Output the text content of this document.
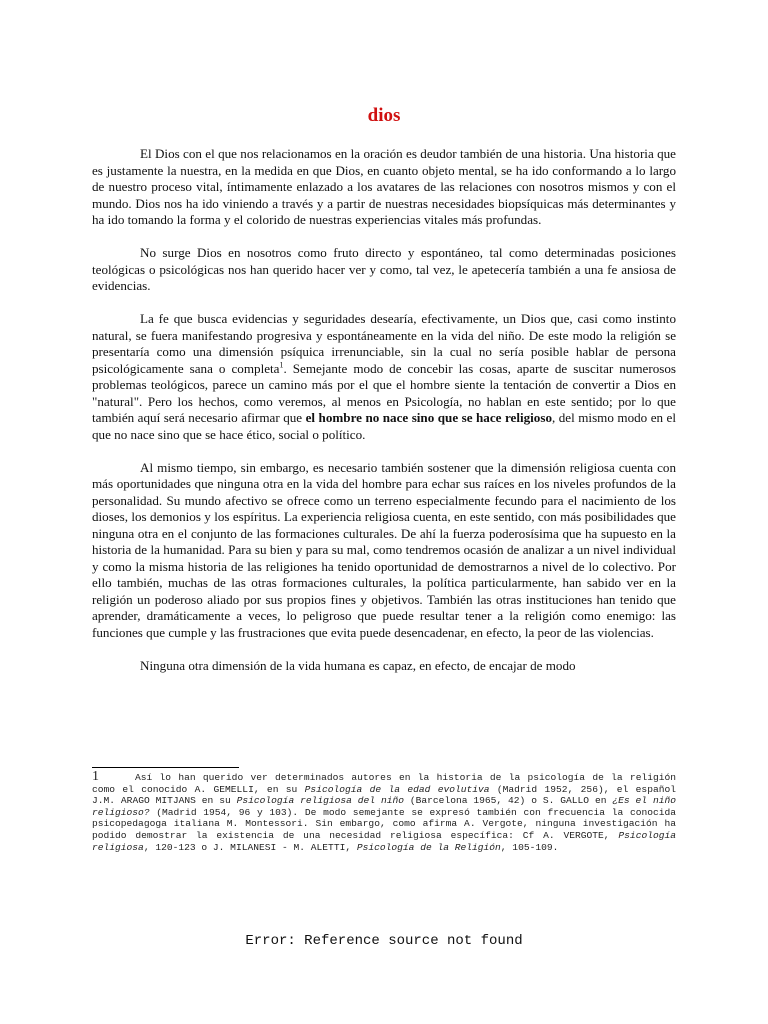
dios

El Dios con el que nos relacionamos en la oración es deudor también de una historia. Una historia que es justamente la nuestra, en la medida en que Dios, en cuanto objeto mental, se ha ido conformando a lo largo de nuestro proceso vital, íntimamente enlazado a los avatares de las relaciones con nosotros mismos y con el mundo. Dios nos ha ido viniendo a través y a partir de nuestras necesidades biopsíquicas más determinantes y ha ido tomando la forma y el colorido de nuestras experiencias vitales más profundas.

No surge Dios en nosotros como fruto directo y espontáneo, tal como determinadas posiciones teológicas o psicológicas nos han querido hacer ver y como, tal vez, le apetecería también a una fe ansiosa de evidencias.

La fe que busca evidencias y seguridades desearía, efectivamente, un Dios que, casi como instinto natural, se fuera manifestando progresiva y espontáneamente en la vida del niño. De este modo la religión se presentaría como una dimensión psíquica irrenunciable, sin la cual no sería posible hablar de persona psicológicamente sana o completa$^1$. Semejante modo de concebir las cosas, aparte de suscitar numerosos problemas teológicos, parece un camino más por el que el hombre siente la tentación de convertir a Dios en "natural". Pero los hechos, como veremos, al menos en Psicología, no hablan en este sentido; por lo que también aquí será necesario afirmar que el hombre no nace sino que se hace religioso, del mismo modo en el que no nace sino que se hace ético, social o político.

Al mismo tiempo, sin embargo, es necesario también sostener que la dimensión religiosa cuenta con más oportunidades que ninguna otra en la vida del hombre para echar sus raíces en los niveles profundos de la personalidad. Su mundo afectivo se ofrece como un terreno especialmente fecundo para el nacimiento de los dioses, los demonios y los espíritus. La experiencia religiosa cuenta, en este sentido, con más posibilidades que ninguna otra en el conjunto de las formaciones culturales. De ahí la fuerza poderosísima que ha supuesto en la historia de la humanidad. Para su bien y para su mal, como tendremos ocasión de analizar a un nivel individual y como la misma historia de las religiones ha tenido oportunidad de demostrarnos a nivel de lo colectivo. Por ello también, muchas de las otras formaciones culturales, la política particularmente, han sabido ver en la religión un poderoso aliado por sus propios fines y objetivos. También las otras instituciones han tenido que aprender, dramáticamente a veces, lo peligroso que puede resultar tener a la religión como enemigo: las funciones que cumple y las frustraciones que evita puede desencadenar, en efecto, la peor de las violencias.

Ninguna otra dimensión de la vida humana es capaz, en efecto, de encajar de modo

1	Así lo han querido ver determinados autores en la historia de la psicología de la religión como el conocido A. GEMELLI, en su Psicología de la edad evolutiva (Madrid 1952, 256), el español J.M. ARAGO MITJANS en su Psicología religiosa del niño (Barcelona 1965, 42) o S. GALLO en ¿Es el niño religioso? (Madrid 1954, 96 y 103). De modo semejante se expresó también con frecuencia la conocida psicopedagoga italiana M. Montessori. Sin embargo, como afirma A. Vergote, ninguna investigación ha podido demostrar la existencia de una necesidad religiosa específica: Cf A. VERGOTE, Psicología religiosa, 120-123 o J. MILANESI - M. ALETTI, Psicología de la Religión, 105-109.
Error: Reference source not found
